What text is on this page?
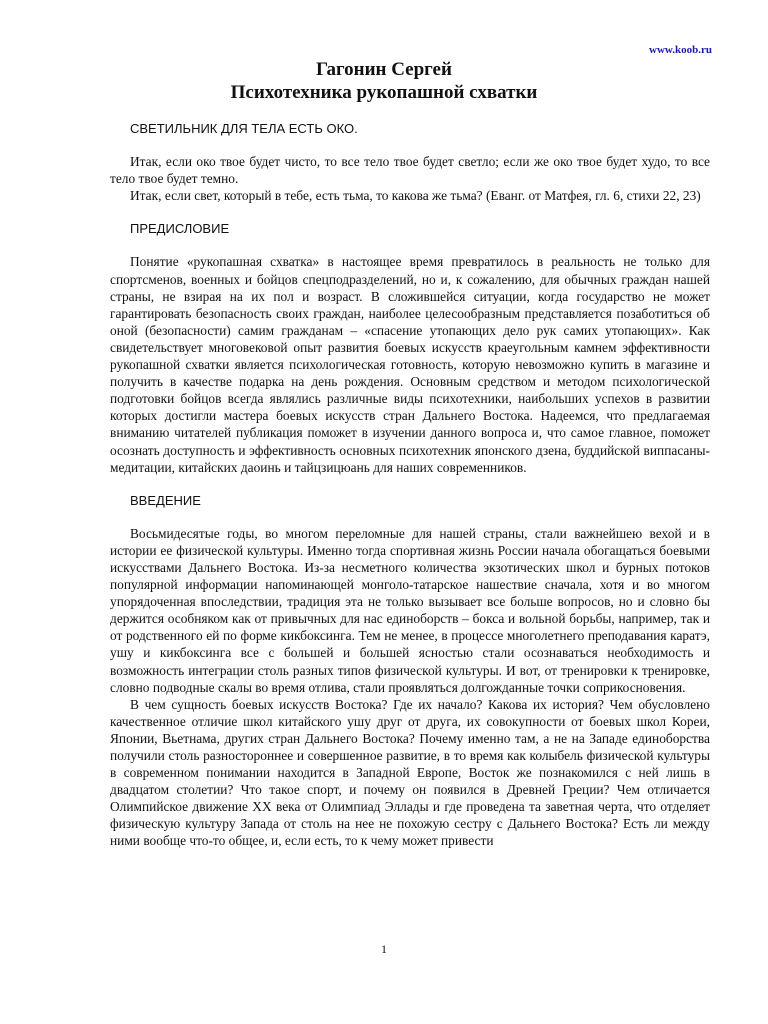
www.koob.ru
Гагонин Сергей
Психотехника рукопашной схватки

СВЕТИЛЬНИК ДЛЯ ТЕЛА ЕСТЬ ОКО.

Итак, если око твое будет чисто, то все тело твое будет светло; если же око твое будет худо, то все тело твое будет темно.

Итак, если свет, который в тебе, есть тьма, то какова же тьма? (Еванг. от Матфея, гл. 6, стихи 22, 23)

ПРЕДИСЛОВИЕ

Понятие «рукопашная схватка» в настоящее время превратилось в реальность не только для спортсменов, военных и бойцов спецподразделений, но и, к сожалению, для обычных граждан нашей страны, не взирая на их пол и возраст. В сложившейся ситуации, когда государство не может гарантировать безопасность своих граждан, наиболее целесообразным представляется позаботиться об оной (безопасности) самим гражданам – «спасение утопающих дело рук самих утопающих». Как свидетельствует многовековой опыт развития боевых искусств краеугольным камнем эффективности рукопашной схватки является психологическая готовность, которую невозможно купить в магазине и получить в качестве подарка на день рождения. Основным средством и методом психологической подготовки бойцов всегда являлись различные виды психотехники, наибольших успехов в развитии которых достигли мастера боевых искусств стран Дальнего Востока. Надеемся, что предлагаемая вниманию читателей публикация поможет в изучении данного вопроса и, что самое главное, поможет осознать доступность и эффективность основных психотехник японского дзена, буддийской виппасаны-медитации, китайских даоинь и тайцзицюань для наших современников.

ВВЕДЕНИЕ

Восьмидесятые годы, во многом переломные для нашей страны, стали важнейшею вехой и в истории ее физической культуры. Именно тогда спортивная жизнь России начала обогащаться боевыми искусствами Дальнего Востока. Из-за несметного количества экзотических школ и бурных потоков популярной информации напоминающей монголо-татарское нашествие сначала, хотя и во многом упорядоченная впоследствии, традиция эта не только вызывает все больше вопросов, но и словно бы держится особняком как от привычных для нас единоборств – бокса и вольной борьбы, например, так и от родственного ей по форме кикбоксинга. Тем не менее, в процессе многолетнего преподавания каратэ, ушу и кикбоксинга все с большей и большей ясностью стали осознаваться необходимость и возможность интеграции столь разных типов физической культуры. И вот, от тренировки к тренировке, словно подводные скалы во время отлива, стали проявляться долгожданные точки соприкосновения.

В чем сущность боевых искусств Востока? Где их начало? Какова их история? Чем обусловлено качественное отличие школ китайского ушу друг от друга, их совокупности от боевых школ Кореи, Японии, Вьетнама, других стран Дальнего Востока? Почему именно там, а не на Западе единоборства получили столь разностороннее и совершенное развитие, в то время как колыбель физической культуры в современном понимании находится в Западной Европе, Восток же познакомился с ней лишь в двадцатом столетии? Что такое спорт, и почему он появился в Древней Греции? Чем отличается Олимпийское движение XX века от Олимпиад Эллады и где проведена та заветная черта, что отделяет физическую культуру Запада от столь на нее не похожую сестру с Дальнего Востока? Есть ли между ними вообще что-то общее, и, если есть, то к чему может привести

1
